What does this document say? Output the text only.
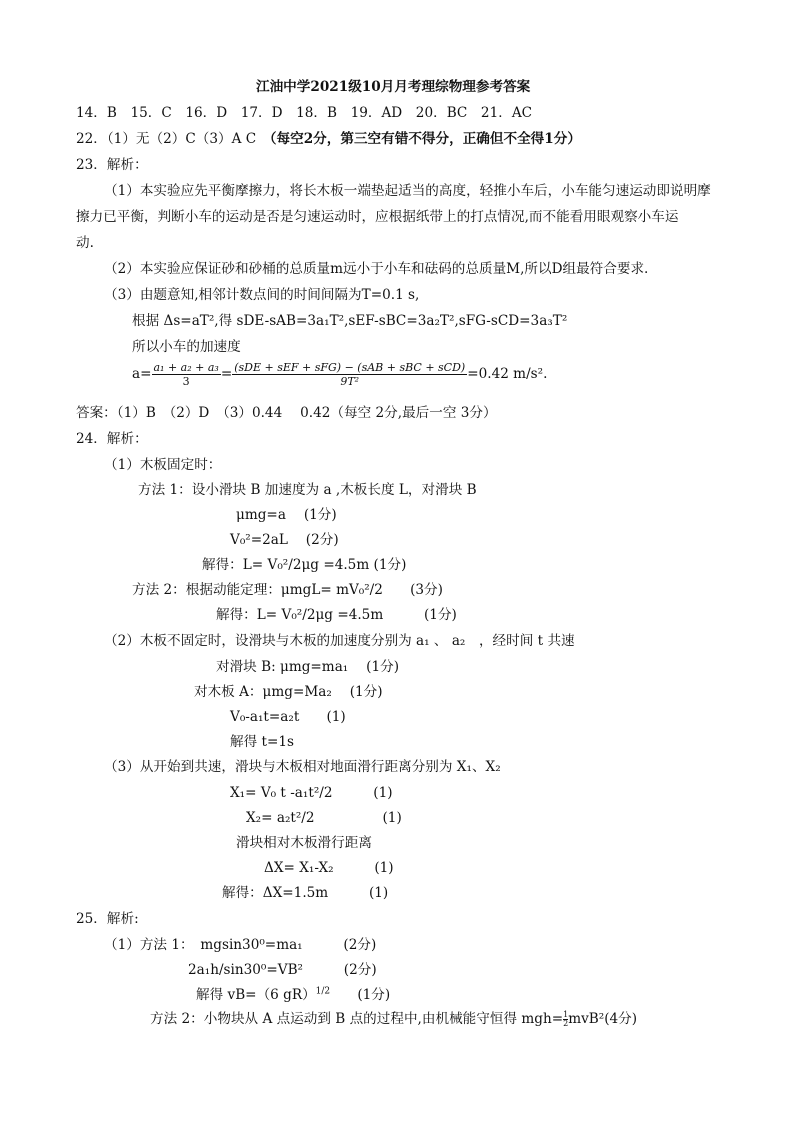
江油中学2021级10月月考理综物理参考答案
14．B　15．C　16．D　17．D　18．B　19．AD　20．BC　21．AC
22．（1）无（2）C（3）A C　（每空2分，第三空有错不得分，正确但不全得1分）
23．解析：
（1）本实验应先平衡摩擦力，将长木板一端垫起适当的高度，轻推小车后，小车能匀速运动即说明摩
擦力已平衡，判断小车的运动是否是匀速运动时，应根据纸带上的打点情况,而不能看用眼观察小车运
动.
（2）本实验应保证砂和砂桶的总质量m远小于小车和砝码的总质量M,所以D组最符合要求.
（3）由题意知,相邻计数点间的时间间隔为T=0.1 s,
根据 Δs=aT²,得 sDE-sAB=3a₁T²,sEF-sBC=3a₂T²,sFG-sCD=3a₃T²
所以小车的加速度
$a= \frac{\text{a₁ + a₂ + a₃}}{3} = \frac{\text{(sDE + sEF + sFG) − (sAB + sBC + sCD)}}{\text{9T²}} =0.42$ m/s².
答案：（1）B　（2）D　（3）0.44　 0.42（每空 2分,最后一空 3分）
24．解析：
（1）木板固定时：
方法 1：设小滑块 B 加速度为 a ,木板长度 L，对滑块 B
μmg=a　 (1分)
V₀²=2aL　 (2分)
解得：L= V₀²/2μg =4.5m (1分)
方法 2：根据动能定理：μmgL= mV₀²/2　　(3分)
解得：L= V₀²/2μg =4.5m　　　(1分)
（2）木板不固定时，设滑块与木板的加速度分别为 a₁ 、 a₂　，经时间 t 共速
对滑块 B: μmg=ma₁　 (1分)
对木板 A：μmg=Ma₂　 (1分)
V₀-a₁t=a₂t　　(1)
解得 t=1s
（3）从开始到共速，滑块与木板相对地面滑行距离分别为 X₁、X₂
X₁= V₀ t -a₁t²/2　　　(1)
X₂= a₂t²/2　　　　　(1)
滑块相对木板滑行距离
ΔX= X₁-X₂　　　(1)
解得：ΔX=1.5m　　　(1)
25．解析:
（1）方法 1：　mgsin30⁰=ma₁　　　(2分)
2a₁h/sin30⁰=VB²　　　(2分)
解得 vB=（6 gR）$^{1/2}$　　(1分)
方法 2：小物块从 A 点运动到 B 点的过程中,由机械能守恒得 $mgh= \frac{1}{2} mvB^2(4$分)
